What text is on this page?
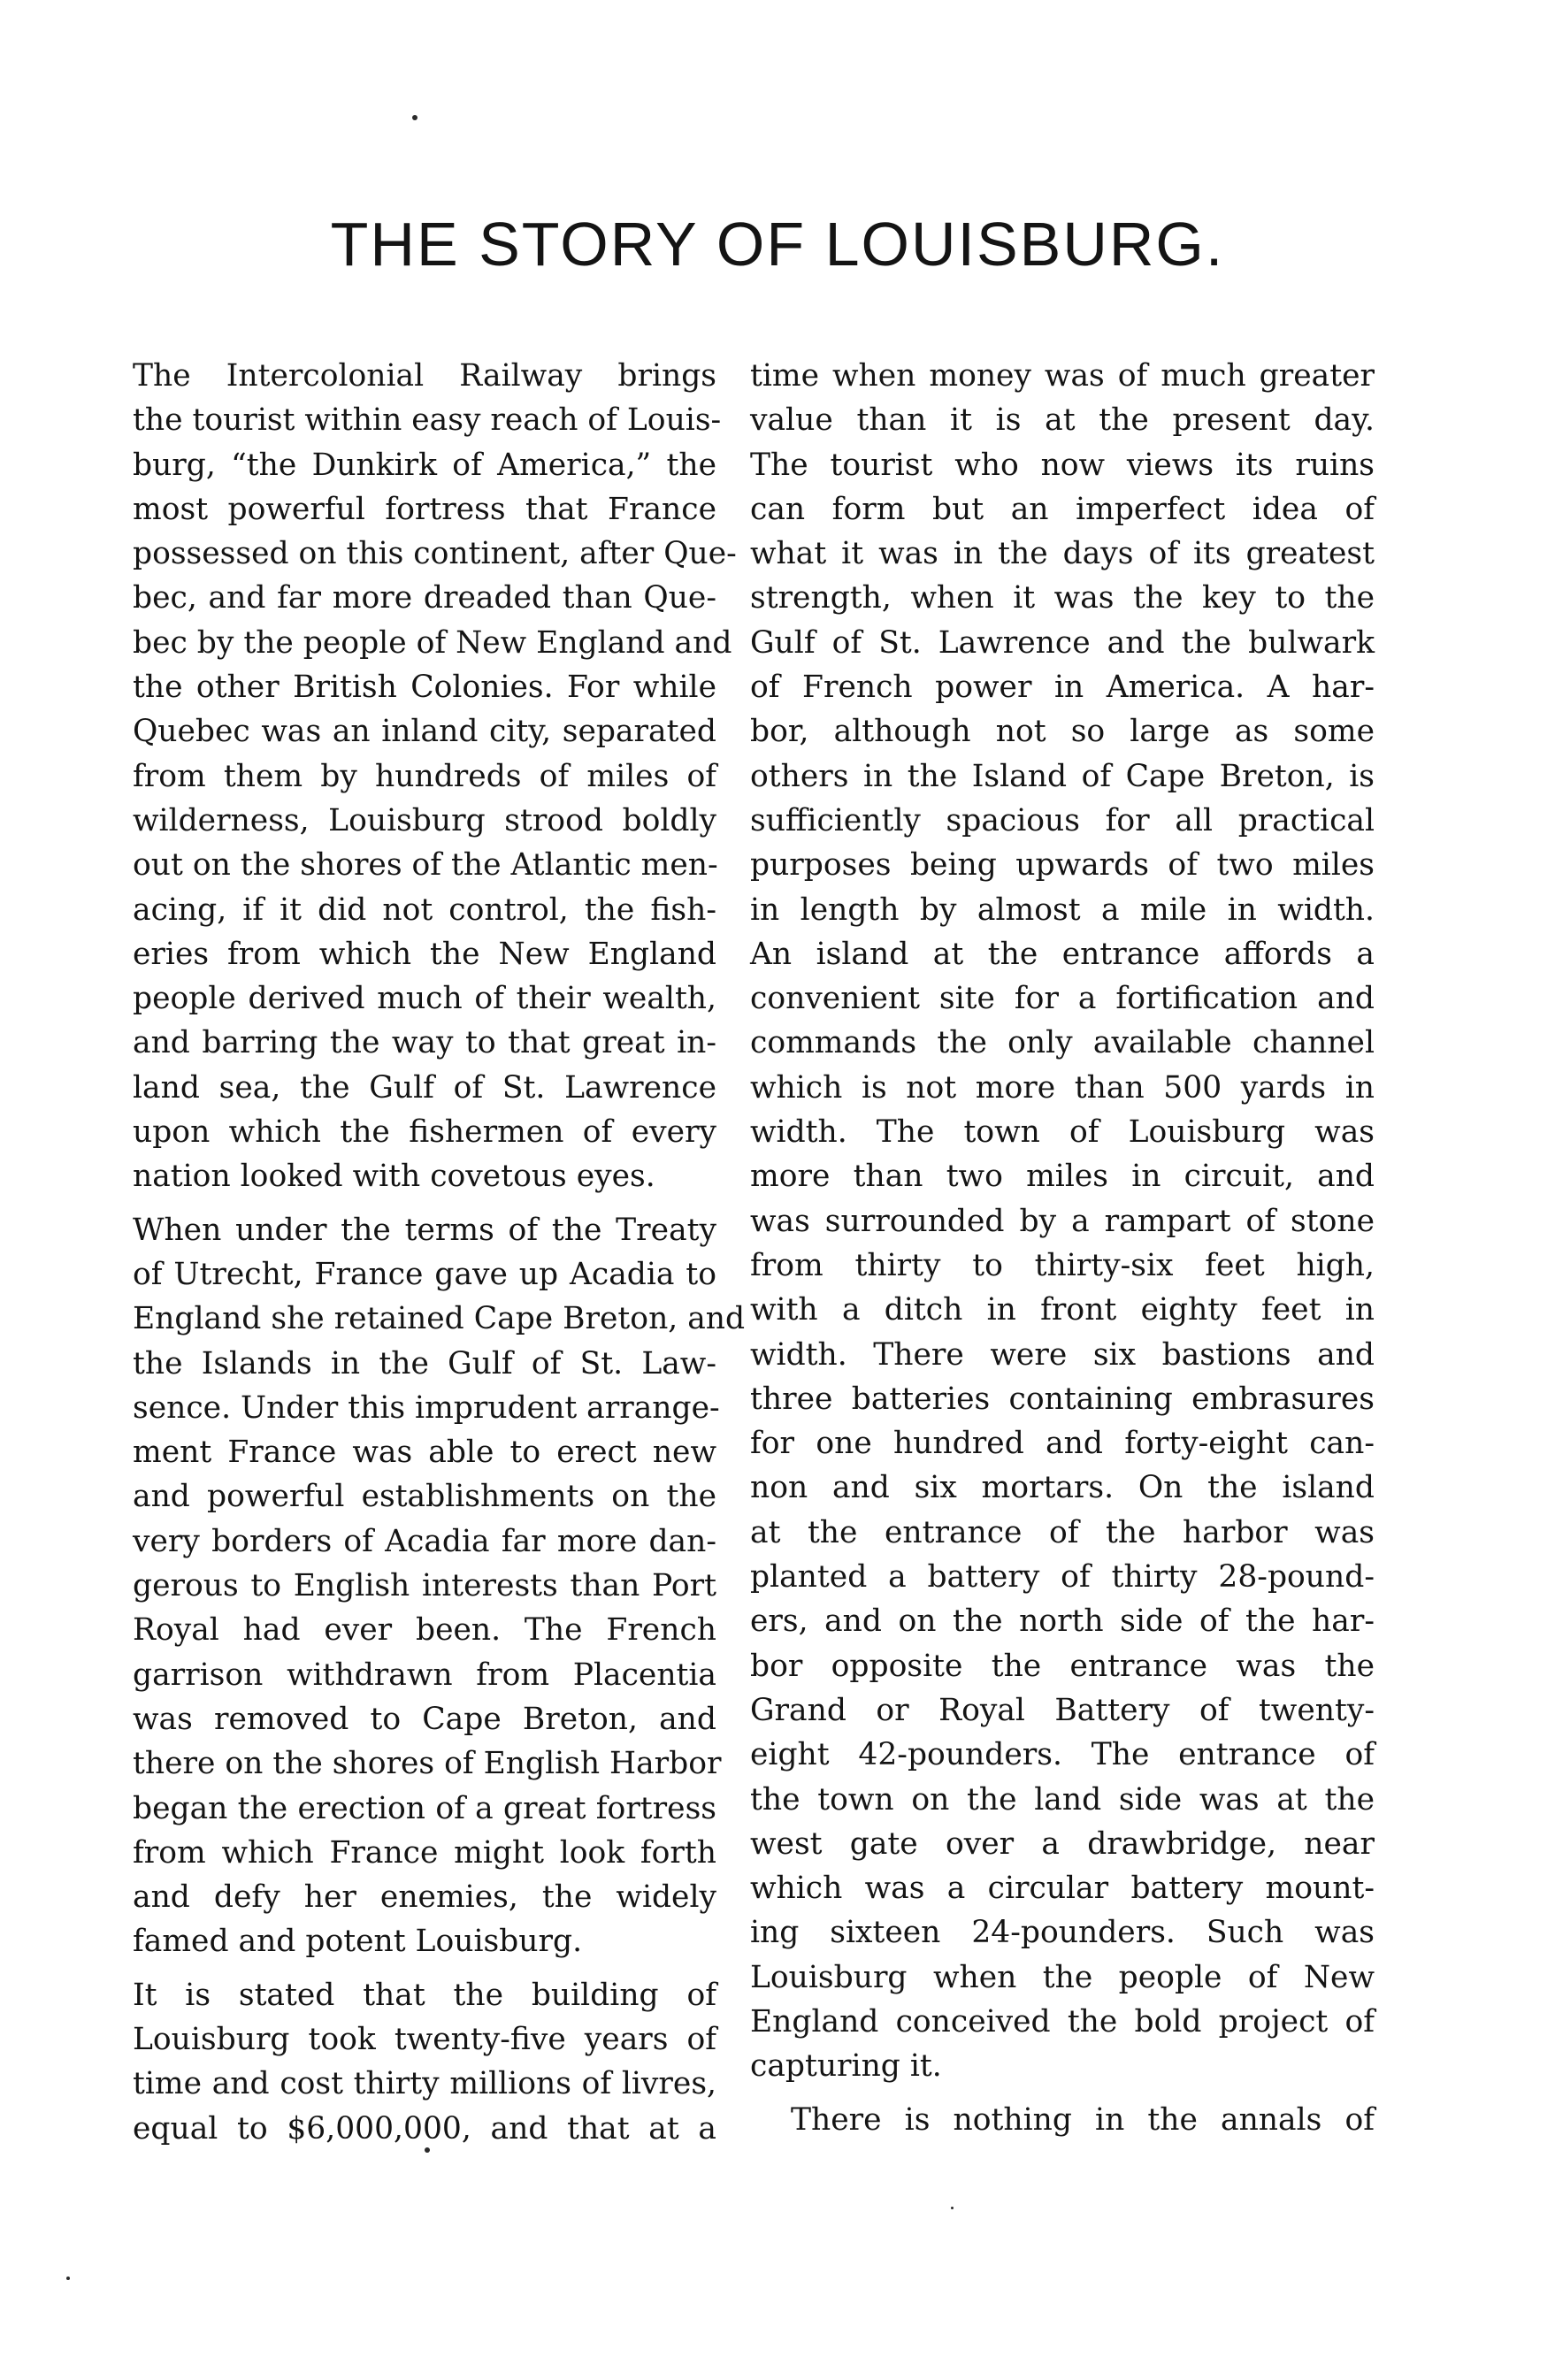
THE STORY OF LOUISBURG.
The Intercolonial Railway brings
the tourist within easy reach of Louis-
burg, “the Dunkirk of America,” the
most powerful fortress that France
possessed on this continent, after Que-
bec, and far more dreaded than Que-
bec by the people of New England and
the other British Colonies. For while
Quebec was an inland city, separated
from them by hundreds of miles of
wilderness, Louisburg strood boldly
out on the shores of the Atlantic men-
acing, if it did not control, the fish-
eries from which the New England
people derived much of their wealth,
and barring the way to that great in-
land sea, the Gulf of St. Lawrence
upon which the fishermen of every
nation looked with covetous eyes.
When under the terms of the Treaty
of Utrecht, France gave up Acadia to
England she retained Cape Breton, and
the Islands in the Gulf of St. Law-
sence. Under this imprudent arrange-
ment France was able to erect new
and powerful establishments on the
very borders of Acadia far more dan-
gerous to English interests than Port
Royal had ever been. The French
garrison withdrawn from Placentia
was removed to Cape Breton, and
there on the shores of English Harbor
began the erection of a great fortress
from which France might look forth
and defy her enemies, the widely
famed and potent Louisburg.
It is stated that the building of
Louisburg took twenty-five years of
time and cost thirty millions of livres,
equal to $6,000,000, and that at a
time when money was of much greater
value than it is at the present day.
The tourist who now views its ruins
can form but an imperfect idea of
what it was in the days of its greatest
strength, when it was the key to the
Gulf of St. Lawrence and the bulwark
of French power in America. A har-
bor, although not so large as some
others in the Island of Cape Breton, is
sufficiently spacious for all practical
purposes being upwards of two miles
in length by almost a mile in width.
An island at the entrance affords a
convenient site for a fortification and
commands the only available channel
which is not more than 500 yards in
width. The town of Louisburg was
more than two miles in circuit, and
was surrounded by a rampart of stone
from thirty to thirty-six feet high,
with a ditch in front eighty feet in
width. There were six bastions and
three batteries containing embrasures
for one hundred and forty-eight can-
non and six mortars. On the island
at the entrance of the harbor was
planted a battery of thirty 28-pound-
ers, and on the north side of the har-
bor opposite the entrance was the
Grand or Royal Battery of twenty-
eight 42-pounders. The entrance of
the town on the land side was at the
west gate over a drawbridge, near
which was a circular battery mount-
ing sixteen 24-pounders. Such was
Louisburg when the people of New
England conceived the bold project of
capturing it.
There is nothing in the annals of
